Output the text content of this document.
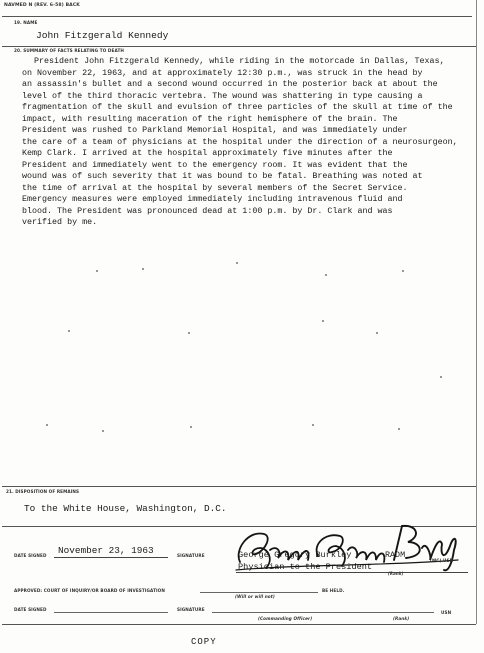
NAVMED N (REV. 6-58) BACK
19. NAME
John Fitzgerald Kennedy
20. SUMMARY OF FACTS RELATING TO DEATH
President John Fitzgerald Kennedy, while riding in the motorcade in Dallas, Texas,
on November 22, 1963, and at approximately 12:30 p.m., was struck in the head by
an assassin's bullet and a second wound occurred in the posterior back at about the
level of the third thoracic vertebra. The wound was shattering in type causing a
fragmentation of the skull and evulsion of three particles of the skull at time of the
impact, with resulting maceration of the right hemisphere of the brain. The
President was rushed to Parkland Memorial Hospital, and was immediately under
the care of a team of physicians at the hospital under the direction of a neurosurgeon,
Kemp Clark. I arrived at the hospital approximately five minutes after the
President and immediately went to the emergency room. It was evident that the
wound was of such severity that it was bound to be fatal. Breathing was noted at
the time of arrival at the hospital by several members of the Secret Service.
Emergency measures were employed immediately including intravenous fluid and
blood. The President was pronounced dead at 1:00 p.m. by Dr. Clark and was
verified by me.
21. DISPOSITION OF REMAINS
To the White House, Washington, D.C.
DATE SIGNED November 23, 1963	SIGNATURE	George Gregory Burkley
Physician to the President
RADM
(MC) USN
(Rank)
APPROVED: COURT OF INQUIRY/OR BOARD OF INVESTIGATION
(Will or will not)
BE HELD.
DATE SIGNED	SIGNATURE
USN
(Commanding Officer)	(Rank)
COPY
